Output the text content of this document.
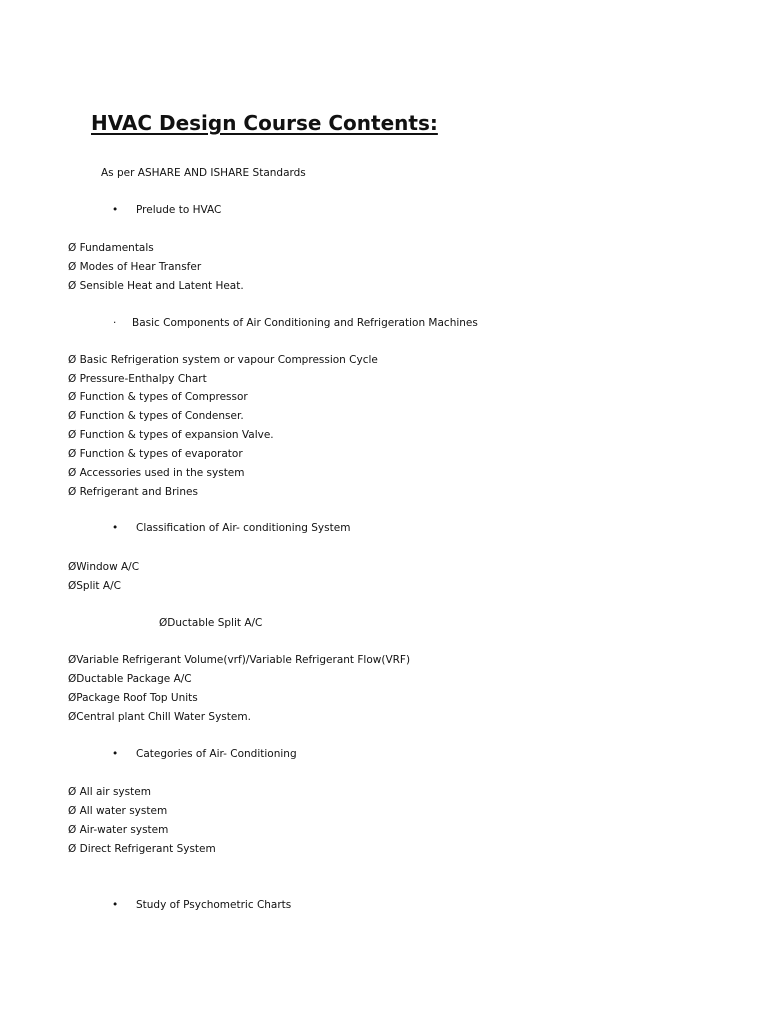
HVAC Design Course Contents:
As per ASHARE AND ISHARE Standards
• Prelude to HVAC
Ø Fundamentals
Ø Modes of Hear Transfer
Ø Sensible Heat and Latent Heat.
· Basic Components of Air Conditioning and Refrigeration Machines
Ø Basic Refrigeration system or vapour Compression Cycle
Ø Pressure-Enthalpy Chart
Ø Function & types of Compressor
Ø Function & types of Condenser.
Ø Function & types of expansion Valve.
Ø Function & types of evaporator
Ø Accessories used in the system
Ø Refrigerant and Brines
• Classification of Air- conditioning System
ØWindow A/C
ØSplit A/C
ØDuctable Split A/C
ØVariable Refrigerant Volume(vrf)/Variable Refrigerant Flow(VRF)
ØDuctable Package A/C
ØPackage Roof Top Units
ØCentral plant Chill Water System.
• Categories of Air- Conditioning
Ø All air system
Ø All water system
Ø Air-water system
Ø Direct Refrigerant System
• Study of Psychometric Charts
